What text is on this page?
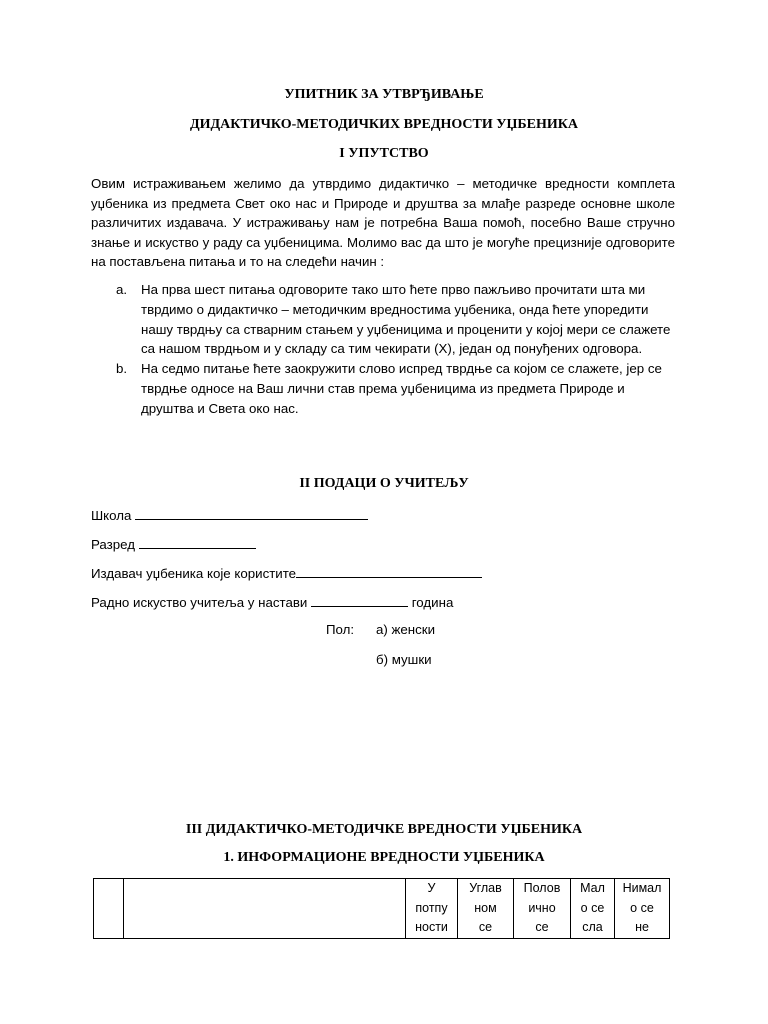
УПИТНИК ЗА УТВРЂИВАЊЕ
ДИДАКТИЧКО-МЕТОДИЧКИХ ВРЕДНОСТИ УЏБЕНИКА
I УПУТСТВО
Овим истраживањем желимо да утврдимо дидактичко – методичке вредности комплета уџбеника из предмета Свет око нас и Природе и друштва за млађе разреде основне школе различитих издавача. У истраживању нам је потребна Ваша помоћ, посебно Ваше стручно знање и искуство у раду са уџбеницима. Молимо вас да што је могуће прецизније одговорите на постављена питања и то на следећи начин :
a. На прва шест питања одговорите тако што ћете прво пажљиво прочитати шта ми тврдимо о дидактичко – методичким вредностима уџбеника, онда ћете упоредити нашу тврдњу са стварним стањем у уџбеницима и проценити у којој мери се слажете са нашом тврдњом и у складу са тим чекирати (X), један од понуђених одговора.
b. На седмо питање ћете заокружити слово испред тврдње са којом се слажете, јер се тврдње односе на Ваш лични став према уџбеницима из предмета Природе и друштва и Света око нас.
II ПОДАЦИ О УЧИТЕЉУ
Школа
Разред
Издавач уџбеника које користите
Радно искуство учитеља у настави	година
Пол: а) женски
б) мушки
III ДИДАКТИЧКО-МЕТОДИЧКЕ ВРЕДНОСТИ УЏБЕНИКА
1. ИНФОРМАЦИОНЕ ВРЕДНОСТИ УЏБЕНИКА

У
потпу
ности

Углав
ном
се

Полов
ично
се

Мал
о се
сла

Нимал
о се
не
